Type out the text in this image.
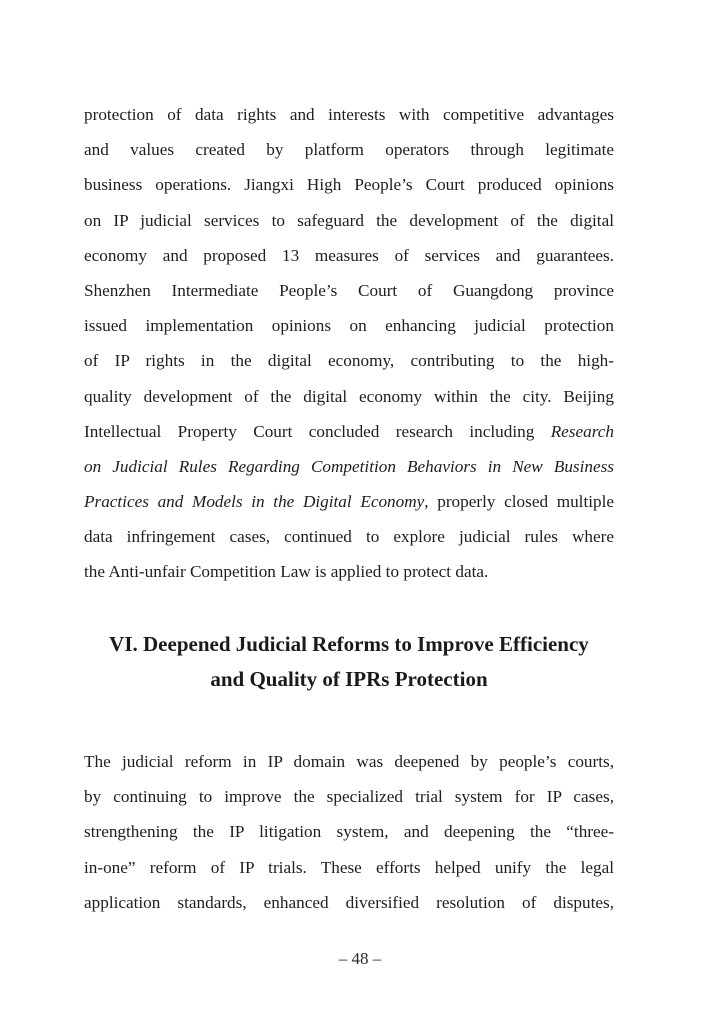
protection of data rights and interests with competitive advantages
and values created by platform operators through legitimate
business operations. Jiangxi High People’s Court produced opinions
on IP judicial services to safeguard the development of the digital
economy and proposed 13 measures of services and guarantees.
Shenzhen Intermediate People’s Court of Guangdong province
issued implementation opinions on enhancing judicial protection
of IP rights in the digital economy, contributing to the high-
quality development of the digital economy within the city. Beijing
Intellectual Property Court concluded research including Research
on Judicial Rules Regarding Competition Behaviors in New Business
Practices and Models in the Digital Economy, properly closed multiple
data infringement cases, continued to explore judicial rules where
the Anti-unfair Competition Law is applied to protect data.
VI. Deepened Judicial Reforms to Improve Efficiency
and Quality of IPRs Protection
The judicial reform in IP domain was deepened by people’s courts,
by continuing to improve the specialized trial system for IP cases,
strengthening the IP litigation system, and deepening the “three-
in-one” reform of IP trials. These efforts helped unify the legal
application standards, enhanced diversified resolution of disputes,
– 48 –
